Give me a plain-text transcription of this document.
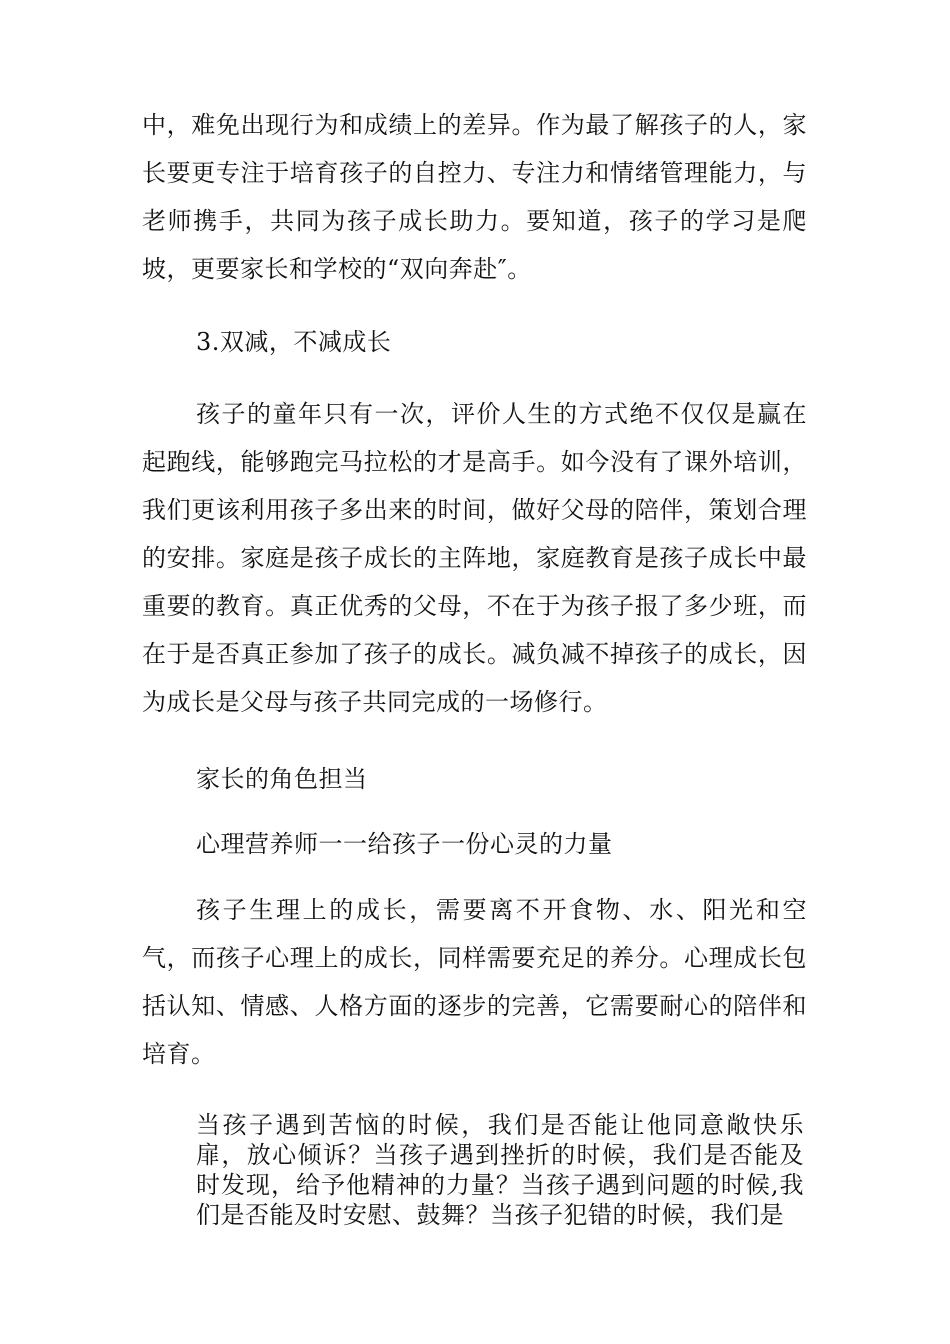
中，难免出现行为和成绩上的差异。作为最了解孩子的人，家长要更专注于培育孩子的自控力、专注力和情绪管理能力，与老师携手，共同为孩子成长助力。要知道，孩子的学习是爬坡，更要家长和学校的“双向奔赴″。

3.双减，不减成长

孩子的童年只有一次，评价人生的方式绝不仅仅是赢在起跑线，能够跑完马拉松的才是高手。如今没有了课外培训，我们更该利用孩子多出来的时间，做好父母的陪伴，策划合理的安排。家庭是孩子成长的主阵地，家庭教育是孩子成长中最重要的教育。真正优秀的父母，不在于为孩子报了多少班，而在于是否真正参加了孩子的成长。减负减不掉孩子的成长，因为成长是父母与孩子共同完成的一场修行。

家长的角色担当

心理营养师一一给孩子一份心灵的力量

孩子生理上的成长，需要离不开食物、水、阳光和空气，而孩子心理上的成长，同样需要充足的养分。心理成长包括认知、情感、人格方面的逐步的完善，它需要耐心的陪伴和培育。

当孩子遇到苦恼的时候，我们是否能让他同意敞快乐扉，放心倾诉？当孩子遇到挫折的时候，我们是否能及时发现，给予他精神的力量？当孩子遇到问题的时候,我们是否能及时安慰、鼓舞？当孩子犯错的时候，我们是
